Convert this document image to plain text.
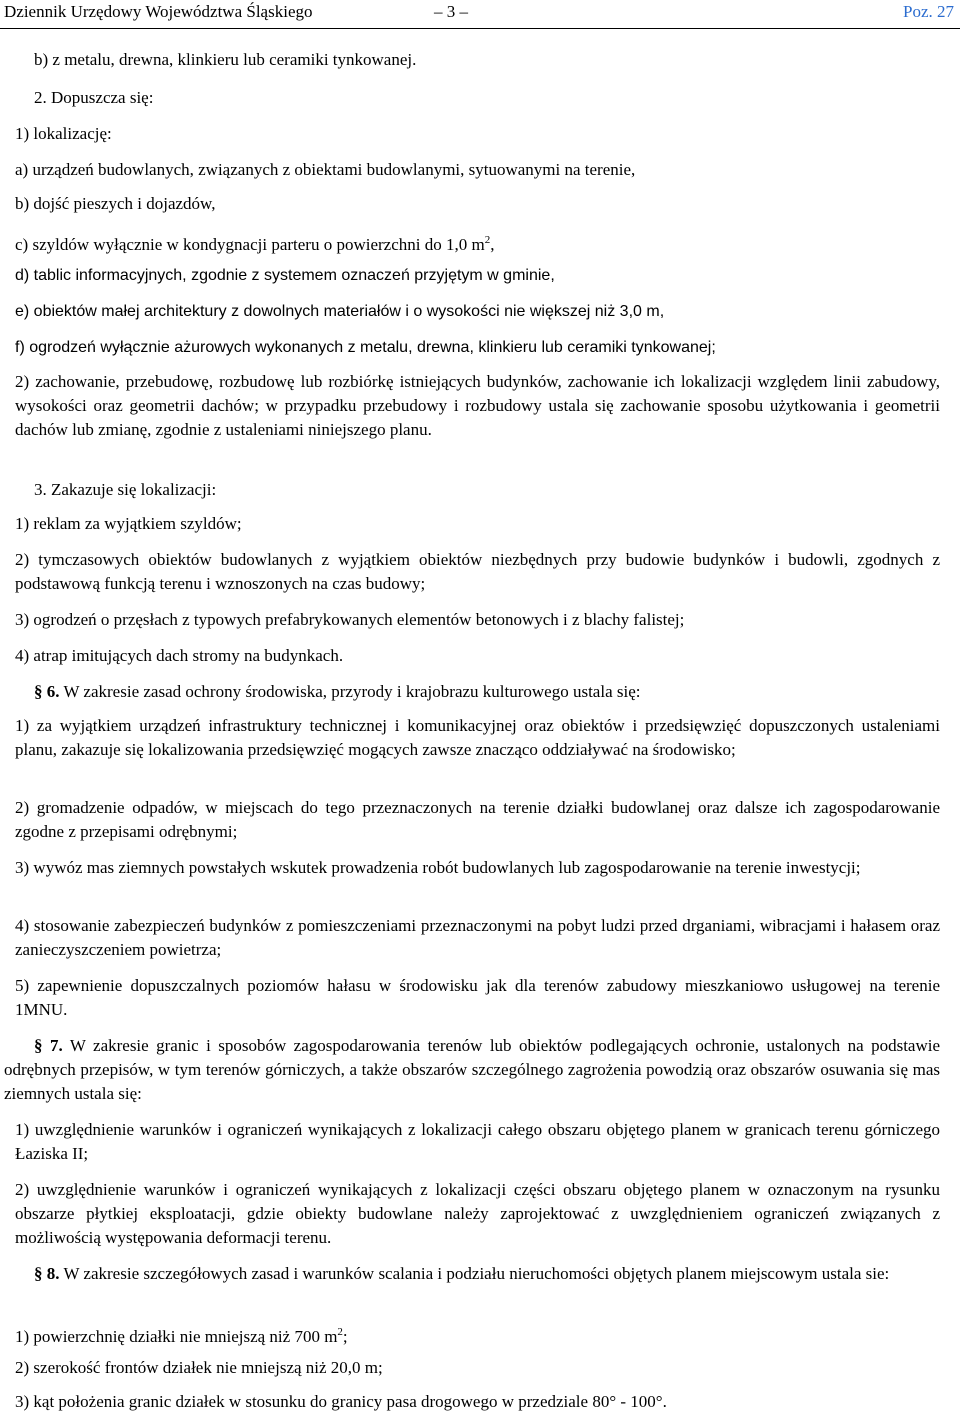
Dziennik Urzędowy Województwa Śląskiego	– 3 –	Poz. 27
b) z metalu, drewna, klinkieru lub ceramiki tynkowanej.
2. Dopuszcza się:
1) lokalizację:
a) urządzeń budowlanych, związanych z obiektami budowlanymi, sytuowanymi na terenie,
b) dojść pieszych i dojazdów,
c) szyldów wyłącznie w kondygnacji parteru o powierzchni do 1,0 $m^2$,
d) tablic informacyjnych, zgodnie z systemem oznaczeń przyjętym w gminie,
e) obiektów małej architektury z dowolnych materiałów i o wysokości nie większej niż 3,0 m,
f) ogrodzeń wyłącznie ażurowych wykonanych z metalu, drewna, klinkieru lub ceramiki tynkowanej;
2) zachowanie, przebudowę, rozbudowę lub rozbiórkę istniejących budynków, zachowanie ich lokalizacji względem linii zabudowy, wysokości oraz geometrii dachów; w przypadku przebudowy i rozbudowy ustala się zachowanie sposobu użytkowania i geometrii dachów lub zmianę, zgodnie z ustaleniami niniejszego planu.
3. Zakazuje się lokalizacji:
1) reklam za wyjątkiem szyldów;
2) tymczasowych obiektów budowlanych z wyjątkiem obiektów niezbędnych przy budowie budynków i budowli, zgodnych z podstawową funkcją terenu i wznoszonych na czas budowy;
3) ogrodzeń o przęsłach z typowych prefabrykowanych elementów betonowych i z blachy falistej;
4) atrap imitujących dach stromy na budynkach.
§ 6. W zakresie zasad ochrony środowiska, przyrody i krajobrazu kulturowego ustala się:
1) za wyjątkiem urządzeń infrastruktury technicznej i komunikacyjnej oraz obiektów i przedsięwzięć dopuszczonych ustaleniami planu, zakazuje się lokalizowania przedsięwzięć mogących zawsze znacząco oddziaływać na środowisko;
2) gromadzenie odpadów, w miejscach do tego przeznaczonych na terenie działki budowlanej oraz dalsze ich zagospodarowanie zgodne z przepisami odrębnymi;
3) wywóz mas ziemnych powstałych wskutek prowadzenia robót budowlanych lub zagospodarowanie na terenie inwestycji;
4) stosowanie zabezpieczeń budynków z pomieszczeniami przeznaczonymi na pobyt ludzi przed drganiami, wibracjami i hałasem oraz zanieczyszczeniem powietrza;
5) zapewnienie dopuszczalnych poziomów hałasu w środowisku jak dla terenów zabudowy mieszkaniowo usługowej na terenie 1MNU.
§ 7. W zakresie granic i sposobów zagospodarowania terenów lub obiektów podlegających ochronie, ustalonych na podstawie odrębnych przepisów, w tym terenów górniczych, a także obszarów szczególnego zagrożenia powodzią oraz obszarów osuwania się mas ziemnych ustala się:
1) uwzględnienie warunków i ograniczeń wynikających z lokalizacji całego obszaru objętego planem w granicach terenu górniczego Łaziska II;
2) uwzględnienie warunków i ograniczeń wynikających z lokalizacji części obszaru objętego planem w oznaczonym na rysunku obszarze płytkiej eksploatacji, gdzie obiekty budowlane należy zaprojektować z uwzględnieniem ograniczeń związanych z możliwością występowania deformacji terenu.
§ 8. W zakresie szczegółowych zasad i warunków scalania i podziału nieruchomości objętych planem miejscowym ustala sie:
1) powierzchnię działki nie mniejszą niż 700 $m^2$;
2) szerokość frontów działek nie mniejszą niż 20,0 m;
3) kąt położenia granic działek w stosunku do granicy pasa drogowego w przedziale 80° - 100°.
